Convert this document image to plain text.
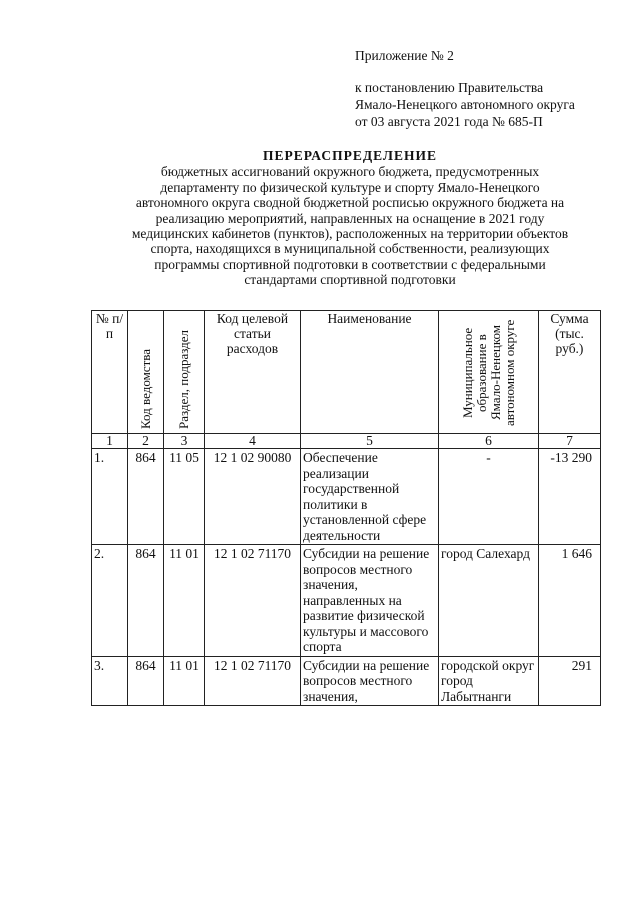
Приложение № 2
к постановлению Правительства
Ямало-Ненецкого автономного округа
от 03 августа 2021 года № 685-П
ПЕРЕРАСПРЕДЕЛЕНИЕ
бюджетных ассигнований окружного бюджета, предусмотренных
департаменту по физической культуре и спорту Ямало-Ненецкого
автономного округа сводной бюджетной росписью окружного бюджета на
реализацию мероприятий, направленных на оснащение в 2021 году
медицинских кабинетов (пунктов), расположенных на территории объектов
спорта, находящихся в муниципальной собственности, реализующих
программы спортивной подготовки в соответствии с федеральными
стандартами спортивной подготовки
№ п/п	Код ведомства	Раздел, подраздел	Код целевой статьи расходов	Наименование	Муниципальное образование в Ямало-Ненецком автономном округе	Сумма (тыс. руб.)
1	2	3	4	5	6	7
1.	864	11 05	12 1 02 90080	Обеспечение реализации государственной политики в установленной сфере деятельности	-	-13 290
2.	864	11 01	12 1 02 71170	Субсидии на решение вопросов местного значения, направленных на развитие физической культуры и массового спорта	город Салехард	1 646
3.	864	11 01	12 1 02 71170	Субсидии на решение вопросов местного значения,	городской округ город Лабытнанги	291
